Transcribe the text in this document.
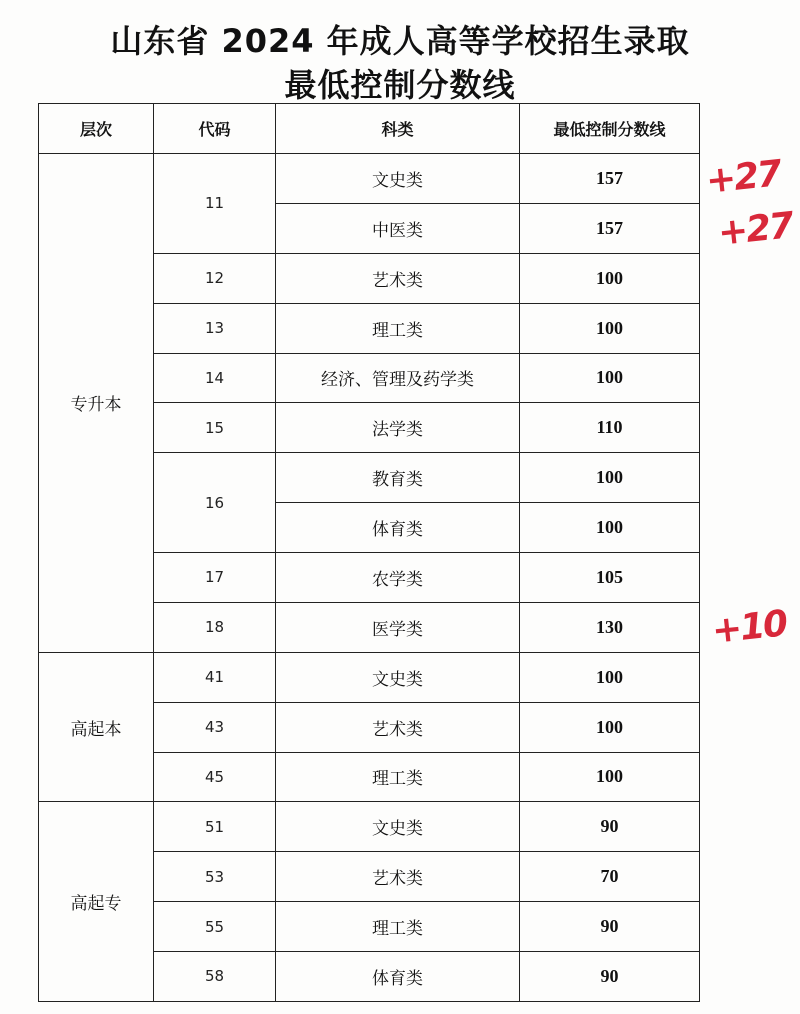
山东省 2024 年成人高等学校招生录取
最低控制分数线
层次	代码	科类	最低控制分数线
专升本	11	文史类	157
		中医类	157
	12	艺术类	100
	13	理工类	100
	14	经济、管理及药学类	100
	15	法学类	110
	16	教育类	100
		体育类	100
	17	农学类	105
	18	医学类	130
高起本	41	文史类	100
	43	艺术类	100
	45	理工类	100
高起专	51	文史类	90
	53	艺术类	70
	55	理工类	90
	58	体育类	90
+27
+27
+10
